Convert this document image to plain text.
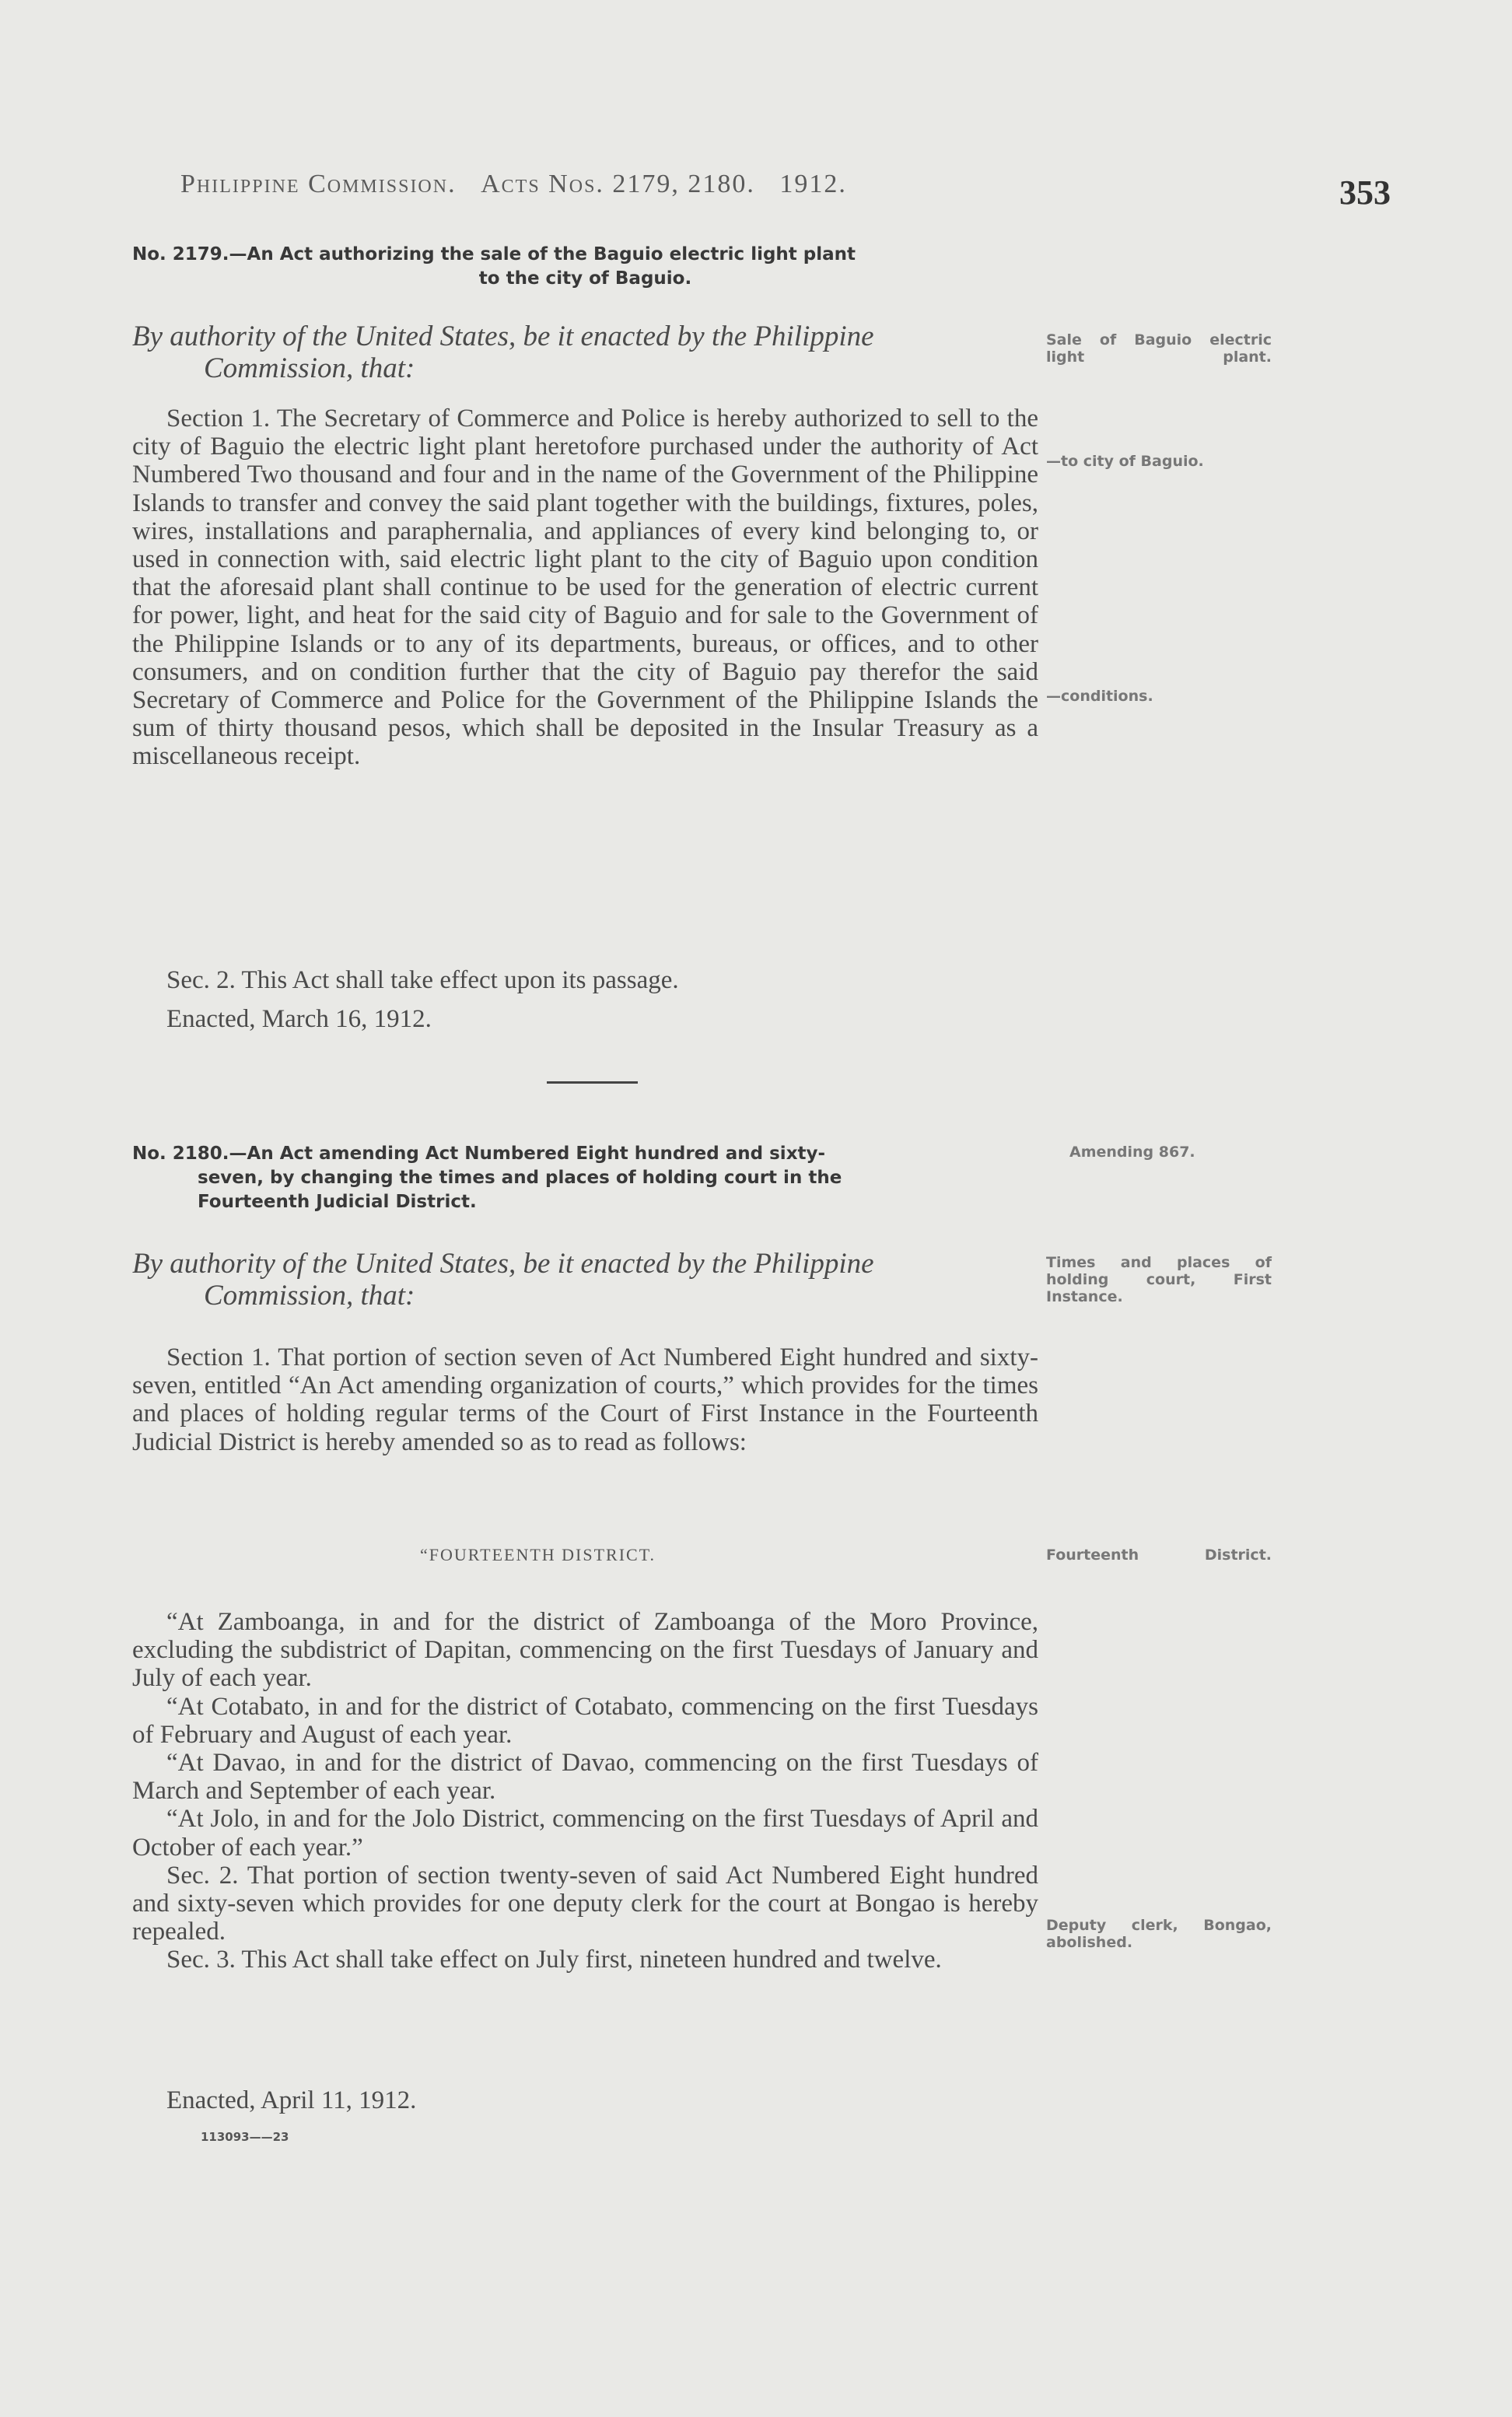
Philippine Commission. Acts Nos. 2179, 2180. 1912.	353
No. 2179.—An Act authorizing the sale of the Baguio electric light plant
to the city of Baguio.
By authority of the United States, be it enacted by the Philippine
Commission, that:

Section 1. The Secretary of Commerce and Police is hereby authorized to sell to the city of Baguio the electric light plant heretofore purchased under the authority of Act Numbered Two thousand and four and in the name of the Government of the Philippine Islands to transfer and convey the said plant together with the buildings, fixtures, poles, wires, installations and paraphernalia, and appliances of every kind belonging to, or used in connection with, said electric light plant to the city of Baguio upon condition that the aforesaid plant shall continue to be used for the generation of electric current for power, light, and heat for the said city of Baguio and for sale to the Government of the Philippine Islands or to any of its departments, bureaus, or offices, and to other consumers, and on condition further that the city of Baguio pay therefor the said Secretary of Commerce and Police for the Government of the Philippine Islands the sum of thirty thousand pesos, which shall be deposited in the Insular Treasury as a miscellaneous receipt.

Sec. 2. This Act shall take effect upon its passage.

Enacted, March 16, 1912.
No. 2180.—An Act amending Act Numbered Eight hundred and sixty-
seven, by changing the times and places of holding court in the
Fourteenth Judicial District.
By authority of the United States, be it enacted by the Philippine
Commission, that:

Section 1. That portion of section seven of Act Numbered Eight hundred and sixty-seven, entitled “An Act amending organization of courts,” which provides for the times and places of holding regular terms of the Court of First Instance in the Fourteenth Judicial District is hereby amended so as to read as follows:

“FOURTEENTH DISTRICT.

“At Zamboanga, in and for the district of Zamboanga of the Moro Province, excluding the subdistrict of Dapitan, commencing on the first Tuesdays of January and July of each year.

“At Cotabato, in and for the district of Cotabato, commencing on the first Tuesdays of February and August of each year.

“At Davao, in and for the district of Davao, commencing on the first Tuesdays of March and September of each year.

“At Jolo, in and for the Jolo District, commencing on the first Tuesdays of April and October of each year.”

Sec. 2. That portion of section twenty-seven of said Act Numbered Eight hundred and sixty-seven which provides for one deputy clerk for the court at Bongao is hereby repealed.

Sec. 3. This Act shall take effect on July first, nineteen hundred and twelve.

Enacted, April 11, 1912.
113093——23
Sale of Baguio electric light plant.
—to city of Baguio.
—conditions.
Amending 867.
Times and places of holding court, First Instance.
Fourteenth District.
Deputy clerk, Bongao, abolished.
